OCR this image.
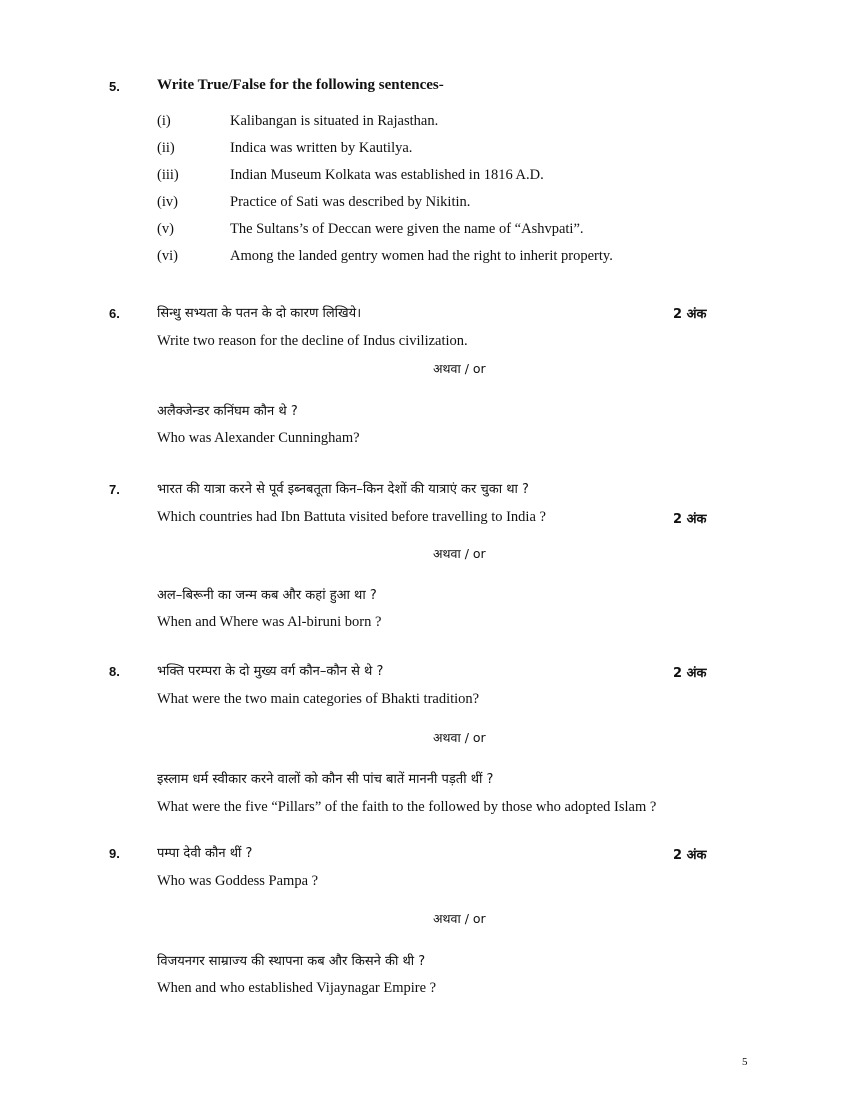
5. Write True/False for the following sentences-
(i)	Kalibangan is situated in Rajasthan.
(ii)	Indica was written by Kautilya.
(iii)	Indian Museum Kolkata was established in 1816 A.D.
(iv)	Practice of Sati was described by Nikitin.
(v)	The Sultans’s of Deccan were given the name of “Ashvpati”.
(vi)	Among the landed gentry women had the right to inherit property.
6.	सिन्धु सभ्यता के पतन के दो कारण लिखिये।	2 अंक
Write two reason for the decline of Indus civilization.
अथवा / or
अलैक्जेन्डर कनिंघम कौन थे ?
Who was Alexander Cunningham?
7.	भारत की यात्रा करने से पूर्व इब्नबतूता किन–किन देशों की यात्राएं कर चुका था ?
Which countries had Ibn Battuta visited before travelling to India ?	2 अंक
अथवा / or
अल–बिरूनी का जन्म कब और कहां हुआ था ?
When and Where was Al-biruni born ?
8.	भक्ति परम्परा के दो मुख्य वर्ग कौन–कौन से थे ?	2 अंक
What were the two main categories of Bhakti tradition?
अथवा / or
इस्लाम धर्म स्वीकार करने वालों को कौन सी पांच बातें माननी पड़ती थीं ?
What were the five “Pillars” of the faith to the followed by those who adopted Islam ?
9.	पम्पा देवी कौन थीं ?	2 अंक
Who was Goddess Pampa ?
अथवा / or
विजयनगर साम्राज्य की स्थापना कब और किसने की थी ?
When and who established Vijaynagar Empire ?
5
